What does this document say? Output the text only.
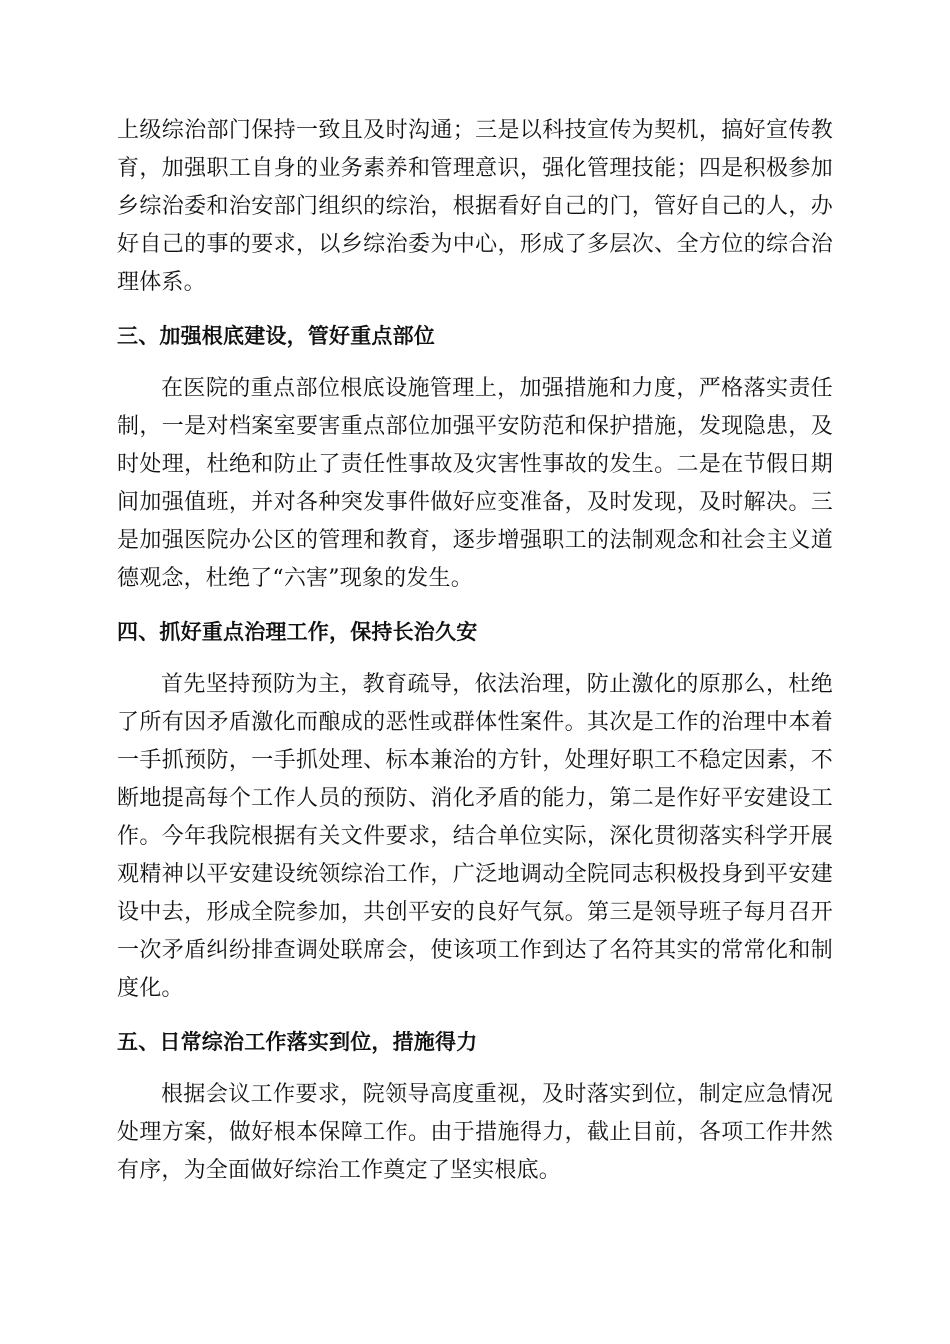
上级综治部门保持一致且及时沟通；三是以科技宣传为契机，搞好宣传教育，加强职工自身的业务素养和管理意识，强化管理技能；四是积极参加乡综治委和治安部门组织的综治，根据看好自己的门，管好自己的人，办好自己的事的要求，以乡综治委为中心，形成了多层次、全方位的综合治理体系。

三、加强根底建设，管好重点部位

在医院的重点部位根底设施管理上，加强措施和力度，严格落实责任制，一是对档案室要害重点部位加强平安防范和保护措施，发现隐患，及时处理，杜绝和防止了责任性事故及灾害性事故的发生。二是在节假日期间加强值班，并对各种突发事件做好应变准备，及时发现，及时解决。三是加强医院办公区的管理和教育，逐步增强职工的法制观念和社会主义道德观念，杜绝了“六害”现象的发生。

四、抓好重点治理工作，保持长治久安

首先坚持预防为主，教育疏导，依法治理，防止激化的原那么，杜绝了所有因矛盾激化而酿成的恶性或群体性案件。其次是工作的治理中本着一手抓预防，一手抓处理、标本兼治的方针，处理好职工不稳定因素，不断地提高每个工作人员的预防、消化矛盾的能力，第二是作好平安建设工作。今年我院根据有关文件要求，结合单位实际，深化贯彻落实科学开展观精神以平安建设统领综治工作，广泛地调动全院同志积极投身到平安建设中去，形成全院参加，共创平安的良好气氛。第三是领导班子每月召开一次矛盾纠纷排查调处联席会，使该项工作到达了名符其实的常常化和制度化。

五、日常综治工作落实到位，措施得力

根据会议工作要求，院领导高度重视，及时落实到位，制定应急情况处理方案，做好根本保障工作。由于措施得力，截止目前，各项工作井然有序，为全面做好综治工作奠定了坚实根底。
